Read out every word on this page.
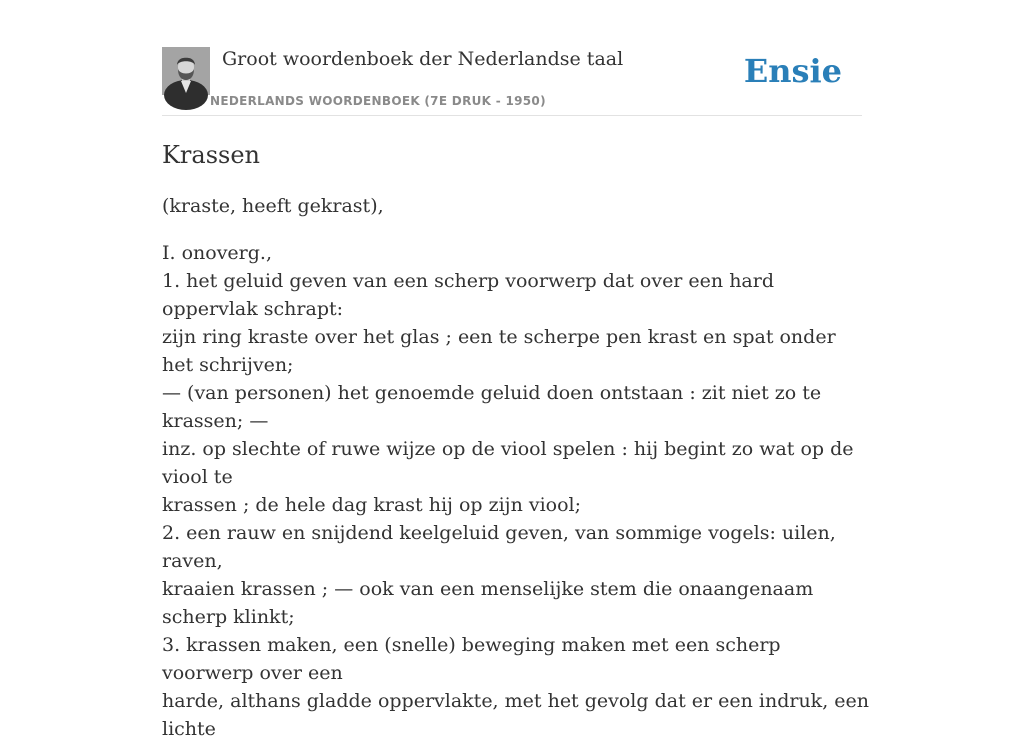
Groot woordenboek der Nederlandse taal
NEDERLANDS WOORDENBOEK (7E DRUK - 1950)
Ensie
Krassen

(kraste, heeft gekrast),

I. onoverg.,
1. het geluid geven van een scherp voorwerp dat over een hard oppervlak schrapt:
zijn ring kraste over het glas ; een te scherpe pen krast en spat onder het schrijven;
— (van personen) het genoemde geluid doen ontstaan : zit niet zo te krassen; —
inz. op slechte of ruwe wijze op de viool spelen : hij begint zo wat op de viool te
krassen ; de hele dag krast hij op zijn viool;
2. een rauw en snijdend keelgeluid geven, van sommige vogels: uilen, raven,
kraaien krassen ; — ook van een menselijke stem die onaangenaam scherp klinkt;
3. krassen maken, een (snelle) beweging maken met een scherp voorwerp over een
harde, althans gladde oppervlakte, met het gevolg dat er een indruk, een lichte
